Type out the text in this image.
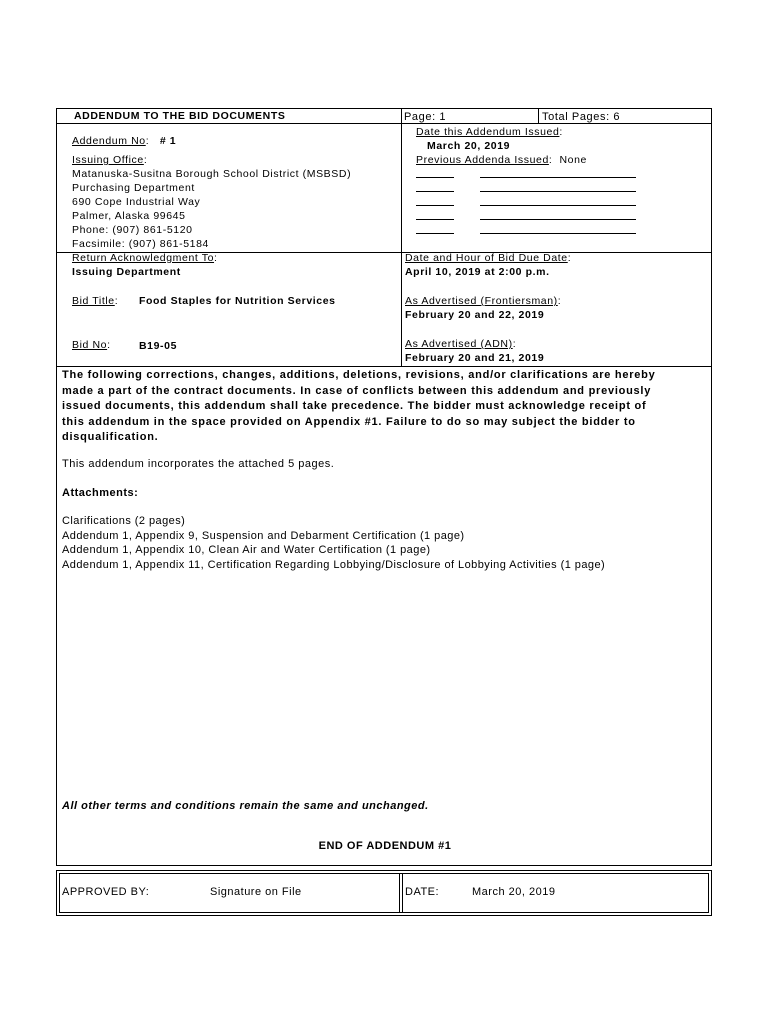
ADDENDUM TO THE BID DOCUMENTS	Page: 1	Total Pages: 6
Addendum No:   # 1
Issuing Office:
Matanuska-Susitna Borough School District (MSBSD)
Purchasing Department
690 Cope Industrial Way
Palmer, Alaska 99645
Phone: (907) 861-5120
Facsimile: (907) 861-5184
Return Acknowledgment To:
Issuing Department
Bid Title: Food Staples for Nutrition Services
Bid No:	B19-05
Date this Addendum Issued:
March 20, 2019
Previous Addenda Issued:  None
Date and Hour of Bid Due Date:
April 10, 2019 at 2:00 p.m.
As Advertised (Frontiersman):
February 20 and 22, 2019
As Advertised (ADN):
February 20 and 21, 2019
The following corrections, changes, additions, deletions, revisions, and/or clarifications are hereby
made a part of the contract documents. In case of conflicts between this addendum and previously
issued documents, this addendum shall take precedence. The bidder must acknowledge receipt of
this addendum in the space provided on Appendix #1. Failure to do so may subject the bidder to
disqualification.
This addendum incorporates the attached 5 pages.
Attachments:
Clarifications (2 pages)
Addendum 1, Appendix 9, Suspension and Debarment Certification (1 page)
Addendum 1, Appendix 10, Clean Air and Water Certification (1 page)
Addendum 1, Appendix 11, Certification Regarding Lobbying/Disclosure of Lobbying Activities (1 page)
All other terms and conditions remain the same and unchanged.
END OF ADDENDUM #1
APPROVED BY:	Signature on File	DATE:	March 20, 2019
